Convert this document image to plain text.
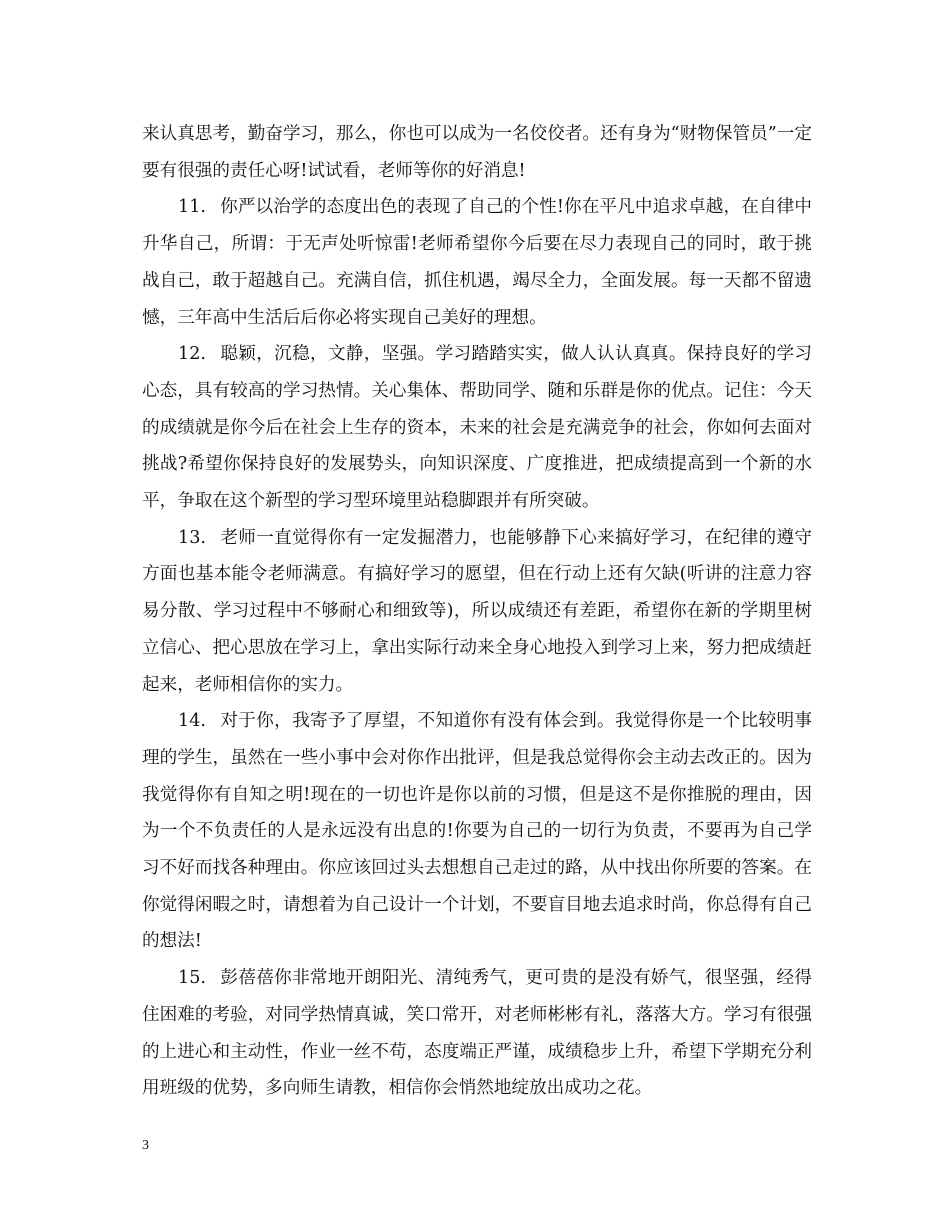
来认真思考，勤奋学习，那么，你也可以成为一名佼佼者。还有身为“财物保管员”一定要有很强的责任心呀!试试看，老师等你的好消息!

11. 你严以治学的态度出色的表现了自己的个性!你在平凡中追求卓越，在自律中升华自己，所谓：于无声处听惊雷!老师希望你今后要在尽力表现自己的同时，敢于挑战自己，敢于超越自己。充满自信，抓住机遇，竭尽全力，全面发展。每一天都不留遗憾，三年高中生活后后你必将实现自己美好的理想。

12. 聪颖，沉稳，文静，坚强。学习踏踏实实，做人认认真真。保持良好的学习心态，具有较高的学习热情。关心集体、帮助同学、随和乐群是你的优点。记住：今天的成绩就是你今后在社会上生存的资本，未来的社会是充满竞争的社会，你如何去面对挑战?希望你保持良好的发展势头，向知识深度、广度推进，把成绩提高到一个新的水平，争取在这个新型的学习型环境里站稳脚跟并有所突破。

13. 老师一直觉得你有一定发掘潜力，也能够静下心来搞好学习，在纪律的遵守方面也基本能令老师满意。有搞好学习的愿望，但在行动上还有欠缺(听讲的注意力容易分散、学习过程中不够耐心和细致等)，所以成绩还有差距，希望你在新的学期里树立信心、把心思放在学习上，拿出实际行动来全身心地投入到学习上来，努力把成绩赶起来，老师相信你的实力。

14. 对于你，我寄予了厚望，不知道你有没有体会到。我觉得你是一个比较明事理的学生，虽然在一些小事中会对你作出批评，但是我总觉得你会主动去改正的。因为我觉得你有自知之明!现在的一切也许是你以前的习惯，但是这不是你推脱的理由，因为一个不负责任的人是永远没有出息的!你要为自己的一切行为负责，不要再为自己学习不好而找各种理由。你应该回过头去想想自己走过的路，从中找出你所要的答案。在你觉得闲暇之时，请想着为自己设计一个计划，不要盲目地去追求时尚，你总得有自己的想法!

15. 彭蓓蓓你非常地开朗阳光、清纯秀气，更可贵的是没有娇气，很坚强，经得住困难的考验，对同学热情真诚，笑口常开，对老师彬彬有礼，落落大方。学习有很强的上进心和主动性，作业一丝不苟，态度端正严谨，成绩稳步上升，希望下学期充分利用班级的优势，多向师生请教，相信你会悄然地绽放出成功之花。

3
